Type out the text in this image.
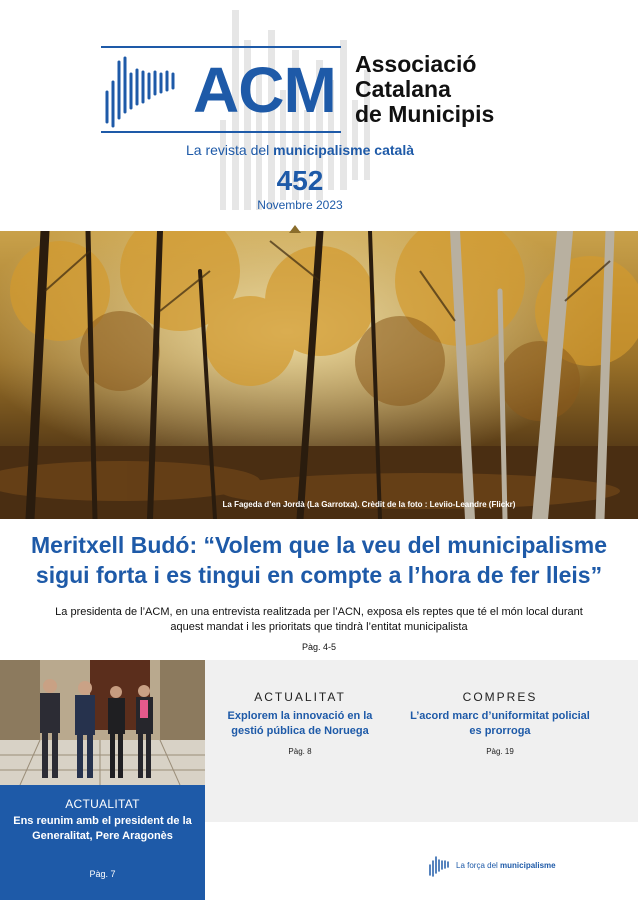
ACM Associació
Catalana
de Municipis
La revista del municipalisme català
452
Novembre 2023
La Fageda d’en Jordà (La Garrotxa). Crèdit de la foto : Leviio-Leandre (Flickr)
Meritxell Budó: “Volem que la veu del municipalisme sigui forta i es tingui en compte a l’hora de fer lleis”
La presidenta de l’ACM, en una entrevista realitzada per l’ACN, exposa els reptes que té el món local durant aquest mandat i les prioritats que tindrà l’entitat municipalista
Pàg. 4-5
ACTUALITAT
Explorem la innovació en la gestió pública de Noruega
Pàg. 8
COMPRES
L’acord marc d’uniformitat policial es prorroga
Pàg. 19
ACTUALITAT
Ens reunim amb el president de la Generalitat, Pere Aragonès
Pàg. 7
La força del municipalisme
